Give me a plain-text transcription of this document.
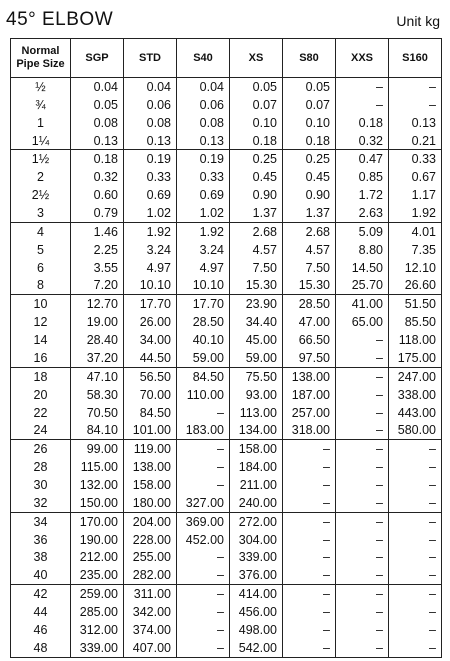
45° ELBOW	Unit kg
Normal Pipe Size	SGP	STD	S40	XS	S80	XXS	S160
½	0.04	0.04	0.04	0.05	0.05	–	–
¾	0.05	0.06	0.06	0.07	0.07	–	–
1	0.08	0.08	0.08	0.10	0.10	0.18	0.13
1¼	0.13	0.13	0.13	0.18	0.18	0.32	0.21
1½	0.18	0.19	0.19	0.25	0.25	0.47	0.33
2	0.32	0.33	0.33	0.45	0.45	0.85	0.67
2½	0.60	0.69	0.69	0.90	0.90	1.72	1.17
3	0.79	1.02	1.02	1.37	1.37	2.63	1.92
4	1.46	1.92	1.92	2.68	2.68	5.09	4.01
5	2.25	3.24	3.24	4.57	4.57	8.80	7.35
6	3.55	4.97	4.97	7.50	7.50	14.50	12.10
8	7.20	10.10	10.10	15.30	15.30	25.70	26.60
10	12.70	17.70	17.70	23.90	28.50	41.00	51.50
12	19.00	26.00	28.50	34.40	47.00	65.00	85.50
14	28.40	34.00	40.10	45.00	66.50	–	118.00
16	37.20	44.50	59.00	59.00	97.50	–	175.00
18	47.10	56.50	84.50	75.50	138.00	–	247.00
20	58.30	70.00	110.00	93.00	187.00	–	338.00
22	70.50	84.50	–	113.00	257.00	–	443.00
24	84.10	101.00	183.00	134.00	318.00	–	580.00
26	99.00	119.00	–	158.00	–	–	–
28	115.00	138.00	–	184.00	–	–	–
30	132.00	158.00	–	211.00	–	–	–
32	150.00	180.00	327.00	240.00	–	–	–
34	170.00	204.00	369.00	272.00	–	–	–
36	190.00	228.00	452.00	304.00	–	–	–
38	212.00	255.00	–	339.00	–	–	–
40	235.00	282.00	–	376.00	–	–	–
42	259.00	311.00	–	414.00	–	–	–
44	285.00	342.00	–	456.00	–	–	–
46	312.00	374.00	–	498.00	–	–	–
48	339.00	407.00	–	542.00	–	–	–
